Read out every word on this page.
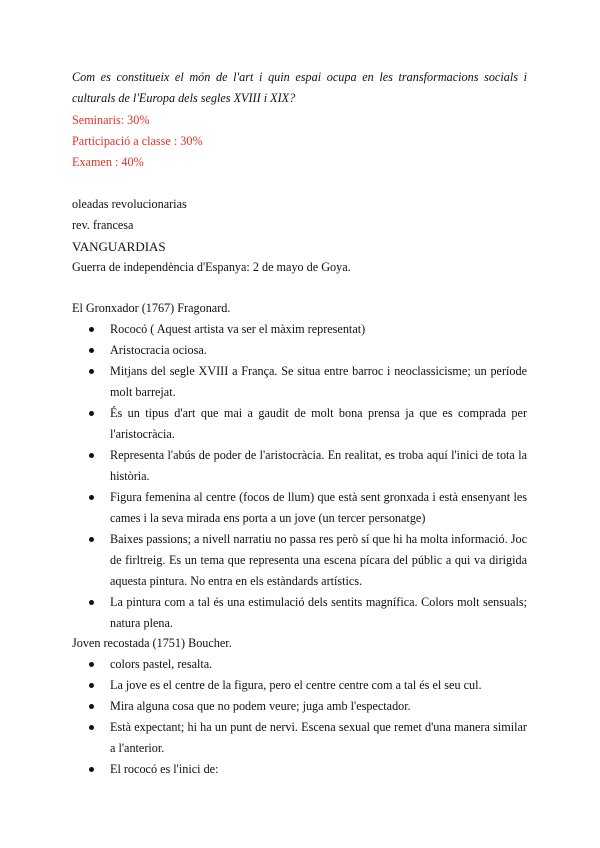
Com es constitueix el món de l'art i quin espai ocupa en les transformacions socials i culturals de l'Europa dels segles XVIII i XIX?
Seminaris: 30%
Participació a classe : 30%
Examen : 40%
oleadas revolucionarias
rev. francesa
VANGUARDIAS
Guerra de independència d'Espanya: 2 de mayo de Goya.
El Gronxador (1767) Fragonard.
Rococó ( Aquest artista va ser el màxim representat)
Aristocracia ociosa.
Mitjans del segle XVIII a França. Se situa entre barroc i neoclassicisme; un període molt barrejat.
És un tipus d'art que mai a gaudit de molt bona prensa ja que es comprada per l'aristocràcia.
Representa l'abús de poder de l'aristocràcia. En realitat, es troba aquí l'inici de tota la història.
Figura femenina al centre (focos de llum) que està sent gronxada i està ensenyant les cames i la seva mirada ens porta a un jove (un tercer personatge)
Baixes passions; a nivell narratiu no passa res però sí que hi ha molta informació. Joc de firltreig. Es un tema que representa una escena pícara del públic a qui va dirigida aquesta pintura. No entra en els estàndards artístics.
La pintura com a tal és una estimulació dels sentits magnífica. Colors molt sensuals; natura plena.
Joven recostada (1751) Boucher.
colors pastel, resalta.
La jove es el centre de la figura, pero el centre centre com a tal és el seu cul.
Mira alguna cosa que no podem veure; juga amb l'espectador.
Està expectant; hi ha un punt de nervi. Escena sexual que remet d'una manera similar a l'anterior.
El rococó es l'inici de:
